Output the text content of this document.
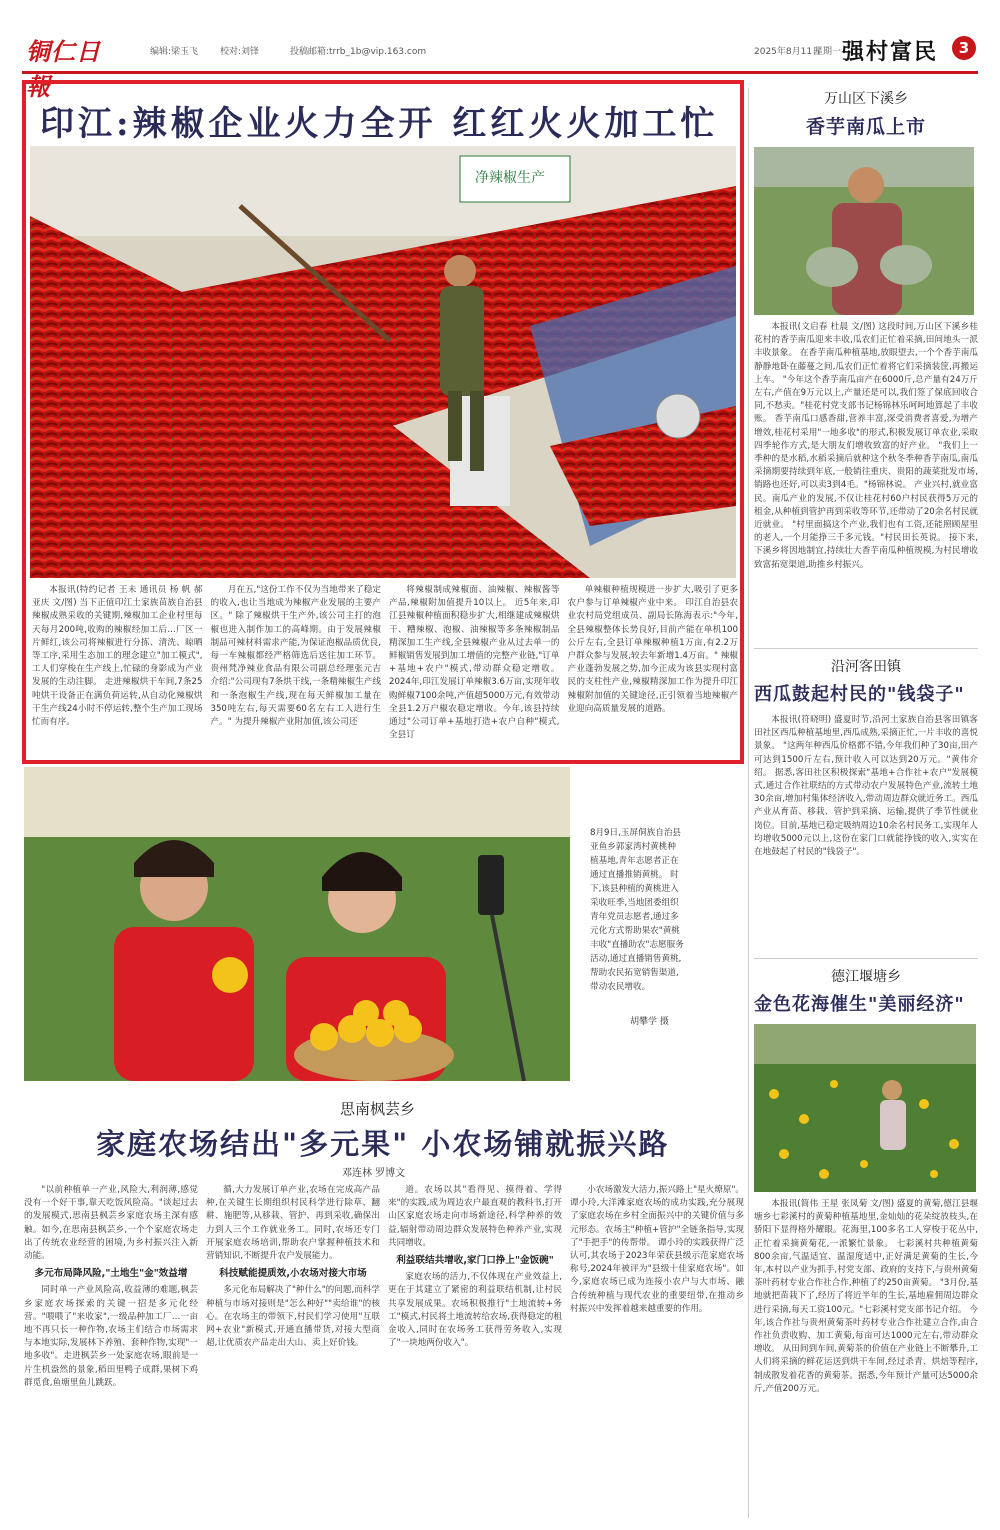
铜仁日報
编辑:梁玉飞 校对:刘锋	投稿邮箱:trrb_1b@vip.163.com	2025年8月11日
星期一 强村富民	3
印江:辣椒企业火力全开 红红火火加工忙
净辣椒生产
本报讯(特约记者 王未 通讯员 杨 帆 郝亚庆 文/图) 当下正值印江土家族苗族自治县辣椒成熟采收的关键期,辣椒加工企业村里每天每月200吨,收购的辣椒经加工后…厂区一片鲜红,该公司将辣椒进行分拣、清洗、晾晒等工序,采用生态加工的理念建立"加工模式",工人们穿梭在生产线上,忙碌的身影成为产业发展的生动注脚。 走进辣椒烘干车间,7条25吨烘干设备正在满负荷运转,从自动化辣椒烘干生产线24小时不停运转,整个生产加工现场忙而有序。
月在五,"这份工作不仅为当地带来了稳定的收入,也让当地成为辣椒产业发展的主要产区。" 除了辣椒烘干生产外,该公司主打的泡椒也进入制作加工的高峰期。由于发展辣椒制品可辣材料需求产能,为保证泡椒品质优良,每一车辣椒都经严格筛选后送往加工环节。 贵州梵净辣业食品有限公司副总经理张元吉介绍:"公司现有7条烘干线,一条精辣椒生产线和一条泡椒生产线,现在每天鲜椒加工量在350吨左右,每天需要60名左右工人进行生产。" 为提升辣椒产业附加值,该公司还
将辣椒制成辣椒面、油辣椒、辣椒酱等产品,辣椒附加值提升10以上。 近5年来,印江县辣椒种植面积稳步扩大,相继建成辣椒烘干、糟辣椒、泡椒、油辣椒等多条辣椒制品精深加工生产线,全县辣椒产业从过去单一的鲜椒销售发展到加工增值的完整产业链,"订单+基地+农户"模式,带动群众稳定增收。 2024年,印江发展订单辣椒3.6万亩,实现年收购鲜椒7100余吨,产值超5000万元,有效带动全县1.2万户椒农稳定增收。今年,该县持续通过"公司订单+基地打造+农户自种"模式,全县订
单辣椒种植规模进一步扩大,吸引了更多农户参与订单辣椒产业中来。 印江自治县农业农村局党组成员、副局长陈海表示:"今年,全县辣椒整体长势良好,目前产能在单机100公斤左右,全县订单辣椒种植1万亩,有2.2万户群众参与发展,较去年新增1.4万亩。" 辣椒产业蓬勃发展之势,加今正成为该县实现村富民的支柱性产业,辣椒精深加工作为提升印江辣椒附加值的关键途径,正引领着当地辣椒产业迎向高质量发展的道路。
万山区下溪乡
香芋南瓜上市
本报讯(文启春 杜晨 文/图) 这段时间,万山区下溪乡桂花村的香芋南瓜迎来丰收,瓜农们正忙着采摘,田间地头一派丰收景象。 在香芋南瓜种植基地,放眼望去,一个个香芋南瓜静静地卧在藤蔓之间,瓜农们正忙着将它们采摘装筐,再搬运上车。 "今年这个香芋南瓜亩产在6000斤,总产量有24万斤左右,产值在9万元以上,产量还是可以,我们签了保底回收合同,不愁卖。"桂花村党支部书记杨锦林乐呵呵地算起了丰收账。 香芋南瓜口感香甜,营养丰富,深受消费者喜爱,为增产增效,桂花村采用"一地多收"的形式,积极发展订单农业,采取四季轮作方式,是大朋友们增收致富的好产业。 "我们上一季种的是水稻,水稻采摘后就种这个秋冬季种香芋南瓜,南瓜采摘期要持续到年底,一般销往重庆、贵阳的蔬菜批发市场,销路也还好,可以卖3到4毛。"杨锦林说。 产业兴村,就业富民。南瓜产业的发展,不仅让桂花村60户村民获得5万元的租金,从种植到管护再到采收等环节,还带动了20余名村民就近就业。 "村里面搞这个产业,我们也有工资,还能照顾屋里的老人,一个月能挣三千多元钱。"村民田长英说。 接下来,下溪乡将因地制宜,持续壮大香芋南瓜种植规模,为村民增收致富拓宽渠道,助推乡村振兴。
沿河客田镇
西瓜鼓起村民的"钱袋子"
本报讯(符晓明) 盛夏时节,沿河土家族自治县客田镇客田社区西瓜种植基地里,西瓜成熟,采摘正忙,一片丰收的喜悦景象。 "这两年种西瓜价格都不错,今年我们种了30亩,田产可达到1500斤左右,预计收入可以达到20万元。"黄伟介绍。 据悉,客田社区积极探索"基地+合作社+农户"发展模式,通过合作社联结的方式带动农户发展特色产业,流转土地30余亩,增加村集体经济收入,带动周边群众就近务工。西瓜产业从育苗、移栽、管护到采摘、运输,提供了季节性就业岗位。目前,基地已稳定吸纳周边10余名村民务工,实现年人均增收5000元以上,这份在家门口就能挣钱的收入,实实在在地鼓起了村民的"钱袋子"。
德江堰塘乡
金色花海催生"美丽经济"
本报讯(简伟 王星 张凤菊 文/图) 盛夏的黄菊,德江县堰塘乡七彩溪村的黄菊种植基地里,金灿灿的花朵绽放枝头,在骄阳下显得格外耀眼。花海里,100多名工人穿梭于花丛中,正忙着采摘黄菊花,一派繁忙景象。 七彩溪村共种植黄菊800余亩,气温适宜、温湿度适中,正好满足黄菊的生长,今年,本村以产业为抓手,村党支部、政府的支持下,与贵州黄菊茶叶药材专业合作社合作,种植了约250亩黄菊。 "3月份,基地就把苗栽下了,经历了将近半年的生长,基地雇佣周边群众进行采摘,每天工资100元。"七彩溪村党支部书记介绍。 今年,该合作社与贵州黄菊茶叶药材专业合作社建立合作,由合作社负责收购、加工黄菊,每亩可达1000元左右,带动群众增收。 从田间到车间,黄菊茶的价值在产业链上不断攀升,工人们将采摘的鲜花运送到烘干车间,经过杀青、烘焙等程序,制成散发着花香的黄菊茶。据悉,今年预计产量可达5000余斤,产值200万元。
8月9日,玉屏侗族自治县亚鱼乡郭家湾村黄桃种植基地,青年志愿者正在通过直播推销黄桃。 时下,该县种植的黄桃进入采收旺季,当地团委组织青年党员志愿者,通过多元化方式帮助果农"黄桃丰收"直播助农"志愿服务活动,通过直播销售黄桃,帮助农民拓宽销售渠道,带动农民增收。
胡攀学 摄
思南枫芸乡
家庭农场结出"多元果" 小农场铺就振兴路
邓连林 罗博文

"以前种植单一产业,风险大,利润薄,感觉没有一个好干事,靠天吃饭风险高。"谈起过去的发展模式,思南县枫芸乡家庭农场主深有感触。如今,在思南县枫芸乡,一个个家庭农场走出了传统农业经营的困境,为乡村振兴注入新动能。

多元布局降风险,"土地生"金"效益增

同时单一产业风险高,收益薄的难题,枫芸乡家庭农场探索的关键一招是多元化经营。"喂喂了"来收家",一级品种加工厂…一亩地不再只长一种作物,农场主们结合市场需求与本地实际,发展林下养殖、套种作物,实现"一地多收"。走进枫芸乡一处家庭农场,眼前是一片生机盎然的景象,稻田里鸭子成群,果树下鸡群觅食,鱼塘里鱼儿跳跃。

循,大力发展订单产业,农场在完成高产品种,在关键生长期组织村民科学进行除草、翻耕、施肥等,从移栽、管护、再到采收,确保出力到人三个工作就业务工。同时,农场还专门开展家庭农场培训,帮助农户掌握种植技术和营销知识,不断提升农户发展能力。

科技赋能提质效,小农场对接大市场

多元化布局解决了"种什么"的问题,而科学种植与市场对接则是"怎么种好""卖给谁"的核心。在农场主的带领下,村民们学习使用"互联网+农业"新模式,开通直播带货,对接大型商超,让优质农产品走出大山、卖上好价钱。

道。农场以其"看得见、摸得着、学得来"的实践,成为周边农户最直观的教科书,打开山区家庭农场走向市场新途径,科学种养的效益,辐射带动周边群众发展特色种养产业,实现共同增收。

利益联结共增收,家门口挣上"金饭碗"

家庭农场的活力,不仅体现在产业效益上,更在于其建立了紧密的利益联结机制,让村民共享发展成果。农场积极推行"土地流转+务工"模式,村民将土地流转给农场,获得稳定的租金收入,同时在农场务工获得劳务收入,实现了"一块地两份收入"。

小农场激发大活力,振兴路上"星火燎原"。谭小玲,大洋滩家庭农场的成功实践,充分展现了家庭农场在乡村全面振兴中的关键价值与多元形态。农场主"种植+管护"全链条指导,实现了"手把手"的传帮带。 谭小玲的实践获得广泛认可,其农场于2023年荣获县级示范家庭农场称号,2024年被评为"县级十佳家庭农场"。如今,家庭农场已成为连接小农户与大市场、融合传统种植与现代农业的重要纽带,在推动乡村振兴中发挥着越来越重要的作用。
